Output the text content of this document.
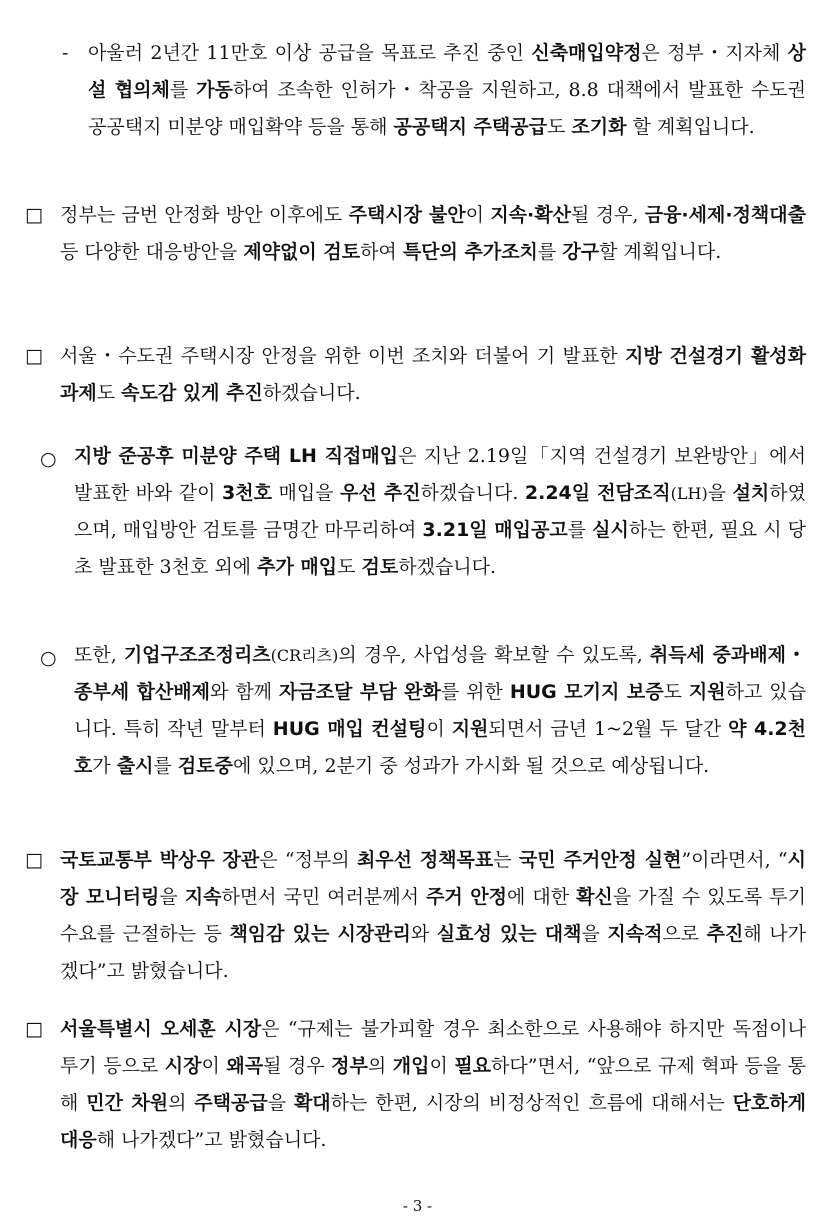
- 아울러 2년간 11만호 이상 공급을 목표로 추진 중인 신축매입약정은 정부・지자체 상설 협의체를 가동하여 조속한 인허가・착공을 지원하고, 8.8 대책에서 발표한 수도권 공공택지 미분양 매입확약 등을 통해 공공택지 주택공급도 조기화 할 계획입니다.
□ 정부는 금번 안정화 방안 이후에도 주택시장 불안이 지속·확산될 경우, 금융·세제·정책대출 등 다양한 대응방안을 제약없이 검토하여 특단의 추가조치를 강구할 계획입니다.
□ 서울・수도권 주택시장 안정을 위한 이번 조치와 더불어 기 발표한 지방 건설경기 활성화 과제도 속도감 있게 추진하겠습니다.
○ 지방 준공후 미분양 주택 LH 직접매입은 지난 2.19일「지역 건설경기 보완방안」에서 발표한 바와 같이 3천호 매입을 우선 추진하겠습니다. 2.24일 전담조직(LH)을 설치하였으며, 매입방안 검토를 금명간 마무리하여 3.21일 매입공고를 실시하는 한편, 필요 시 당초 발표한 3천호 외에 추가 매입도 검토하겠습니다.
○ 또한, 기업구조조정리츠(CR리츠)의 경우, 사업성을 확보할 수 있도록, 취득세 중과배제・종부세 합산배제와 함께 자금조달 부담 완화를 위한 HUG 모기지 보증도 지원하고 있습니다. 특히 작년 말부터 HUG 매입 컨설팅이 지원되면서 금년 1~2월 두 달간 약 4.2천호가 출시를 검토중에 있으며, 2분기 중 성과가 가시화 될 것으로 예상됩니다.
□ 국토교통부 박상우 장관은 “정부의 최우선 정책목표는 국민 주거안정 실현”이라면서, “시장 모니터링을 지속하면서 국민 여러분께서 주거 안정에 대한 확신을 가질 수 있도록 투기 수요를 근절하는 등 책임감 있는 시장관리와 실효성 있는 대책을 지속적으로 추진해 나가겠다”고 밝혔습니다.
□ 서울특별시 오세훈 시장은 “규제는 불가피할 경우 최소한으로 사용해야 하지만 독점이나 투기 등으로 시장이 왜곡될 경우 정부의 개입이 필요하다”면서, “앞으로 규제 혁파 등을 통해 민간 차원의 주택공급을 확대하는 한편, 시장의 비정상적인 흐름에 대해서는 단호하게 대응해 나가겠다”고 밝혔습니다.
- 3 -
